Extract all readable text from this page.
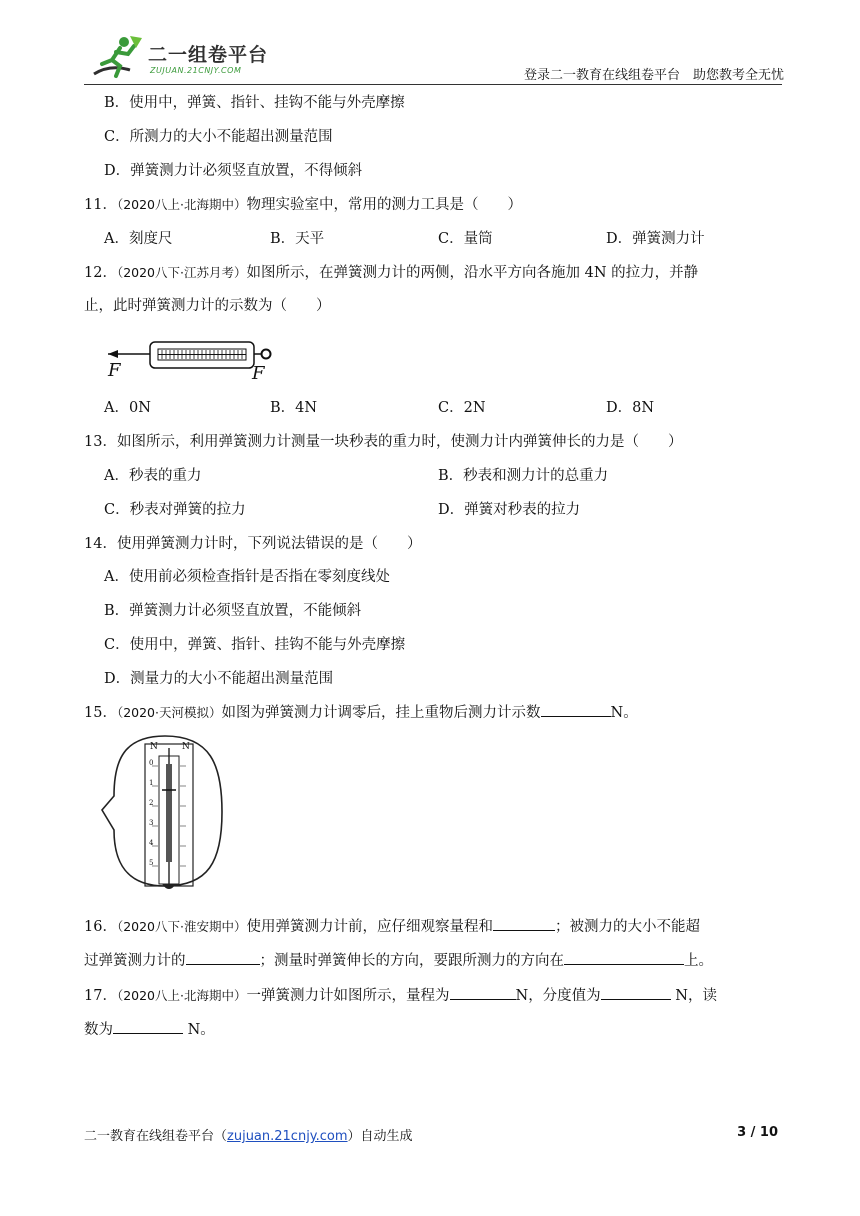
二一组卷平台
ZUJUAN.21CNJY.COM	登录二一教育在线组卷平台　助您教考全无忧
B．使用中，弹簧、指针、挂钩不能与外壳摩擦
C．所测力的大小不能超出测量范围
D．弹簧测力计必须竖直放置，不得倾斜
11．（2020八上·北海期中）物理实验室中，常用的测力工具是（　　）
A．刻度尺	B．天平	C．量筒	D．弹簧测力计
12．（2020八下·江苏月考）如图所示，在弹簧测力计的两侧，沿水平方向各施加 4N 的拉力，并静
止，此时弹簧测力计的示数为（　　）
F	F
A．0N	B．4N	C．2N	D．8N
13．如图所示，利用弹簧测力计测量一块秒表的重力时，使测力计内弹簧伸长的力是（　　）
A．秒表的重力	B．秒表和测力计的总重力
C．秒表对弹簧的拉力	D．弹簧对秒表的拉力
14．使用弹簧测力计时，下列说法错误的是（　　）
A．使用前必须检查指针是否指在零刻度线处
B．弹簧测力计必须竖直放置，不能倾斜
C．使用中，弹簧、指针、挂钩不能与外壳摩擦
D．测量力的大小不能超出测量范围
15．（2020·天河模拟）如图为弹簧测力计调零后，挂上重物后测力计示数	N。
N	N
0
1
2
3
4
5
16．（2020八下·淮安期中）使用弹簧测力计前，应仔细观察量程和	；被测力的大小不能超
过弹簧测力计的	；测量时弹簧伸长的方向，要跟所测力的方向在	上。
17．（2020八上·北海期中）一弹簧测力计如图所示，量程为	N，分度值为	N，读
数为	N。
二一教育在线组卷平台（zujuan.21cnjy.com）自动生成	3 / 10
